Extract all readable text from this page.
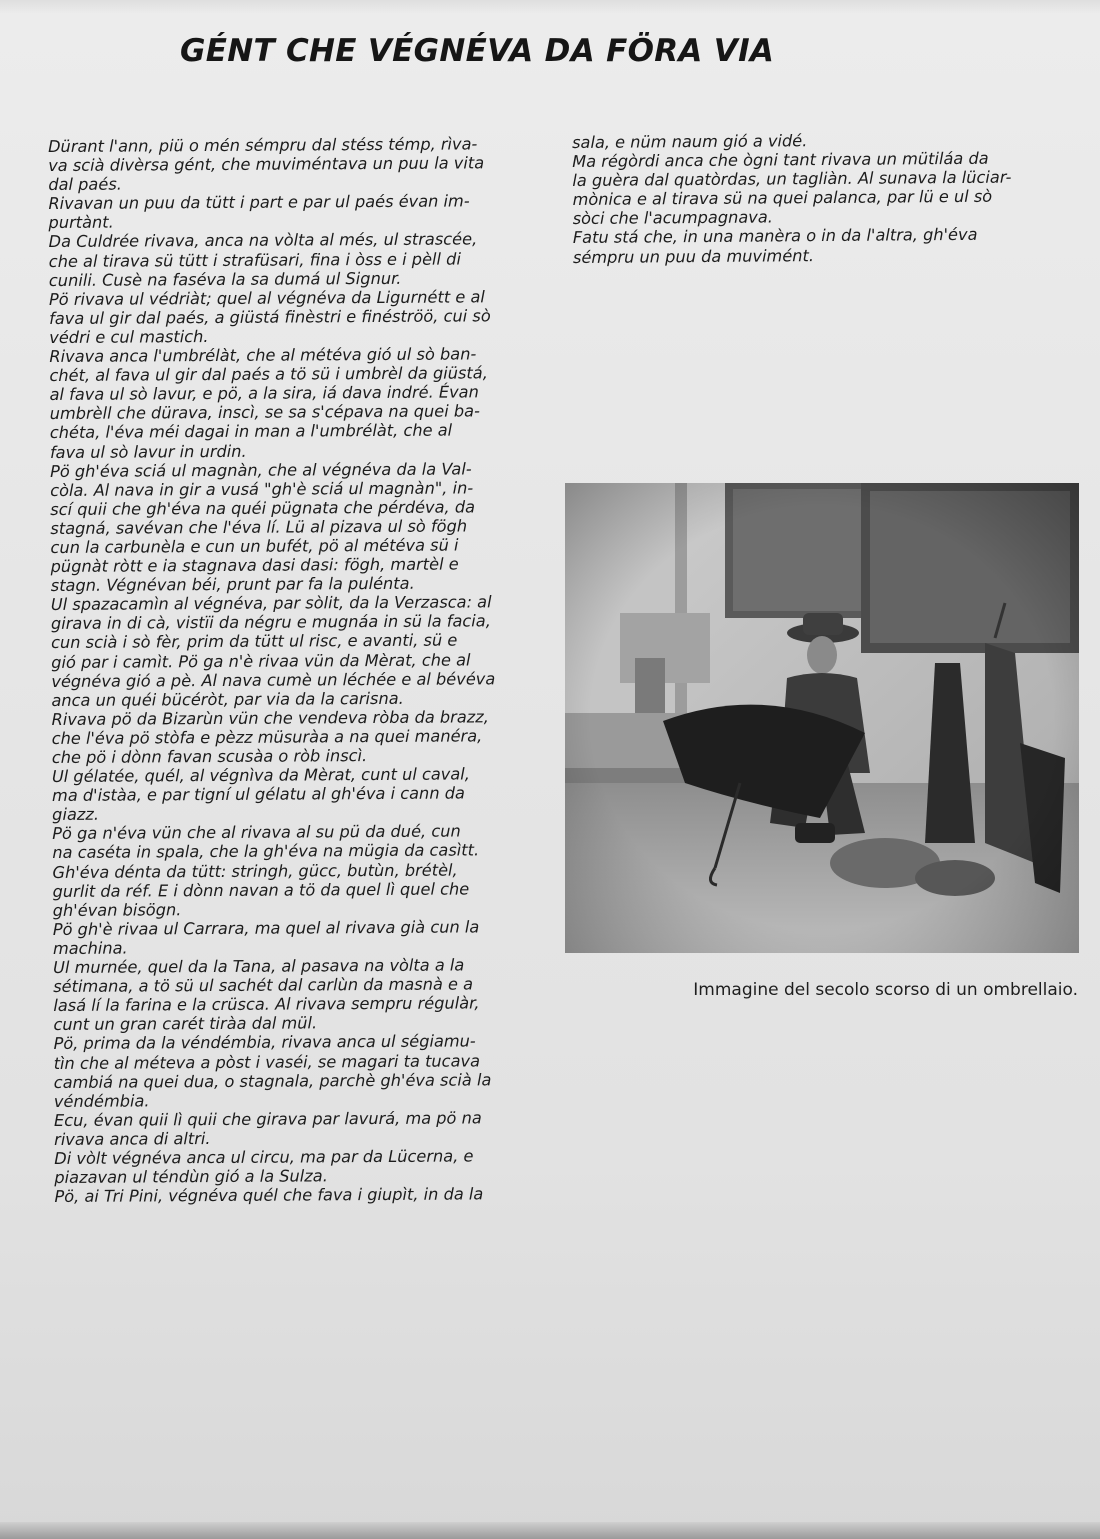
GÉNT CHE VÉGNÉVA DA FÖRA VIA
Dürant l'ann, piü o mén sémpru dal stéss témp, rìva-
va scià divèrsa gént, che muviméntava un puu la vita
dal paés.
Rivavan un puu da tütt i part e par ul paés évan im-
purtànt.
Da Culdrée rivava, anca na vòlta al més, ul strascée,
che al tirava sü tütt i strafüsari, fina i òss e i pèll di
cunili. Cusè na faséva la sa dumá ul Signur.
Pö rivava ul védriàt; quel al végnéva da Ligurnétt e al
fava ul gir dal paés, a giüstá finèstri e finéströö, cui sò
védri e cul mastich.
Rivava anca l'umbrélàt, che al météva gió ul sò ban-
chét, al fava ul gir dal paés a tö sü i umbrèl da giüstá,
al fava ul sò lavur, e pö, a la sira, iá dava indré. Évan
umbrèll che dürava, inscì, se sa s'cépava na quei ba-
chéta, l'éva méi dagai in man a l'umbrélàt, che al
fava ul sò lavur in urdin.
Pö gh'éva sciá ul magnàn, che al végnéva da la Val-
còla. Al nava in gir a vusá "gh'è sciá ul magnàn", in-
scí quii che gh'éva na quéi pügnata che pérdéva, da
stagná, savévan che l'éva lí. Lü al pizava ul sò fögh
cun la carbunèla e cun un bufét, pö al météva sü i
pügnàt ròtt e ia stagnava dasi dasi: fögh, martèl e
stagn. Végnévan béi, prunt par fa la pulénta.
Ul spazacamìn al végnéva, par sòlit, da la Verzasca: al
girava in di cà, vistïi da négru e mugnáa in sü la facia,
cun scià i sò fèr, prim da tütt ul risc, e avanti, sü e
gió par i camìt. Pö ga n'è rivaa vün da Mèrat, che al
végnéva gió a pè. Al nava cumè un léchée e al bévéva
anca un quéi bücéròt, par via da la carisna.
Rivava pö da Bizarùn vün che vendeva ròba da brazz,
che l'éva pö stòfa e pèzz müsuràa a na quei manéra,
che pö i dònn favan scusàa o ròb inscì.
Ul gélatée, quél, al végnìva da Mèrat, cunt ul caval,
ma d'istàa, e par tigní ul gélatu al gh'éva i cann da
giazz.
Pö ga n'éva vün che al rivava al su pü da dué, cun
na caséta in spala, che la gh'éva na mügia da casìtt.
Gh'éva dénta da tütt: stringh, gücc, butùn, brétèl,
gurlit da réf. E i dònn navan a tö da quel lì quel che
gh'évan bisögn.
Pö gh'è rivaa ul Carrara, ma quel al rivava già cun la
machina.
Ul murnée, quel da la Tana, al pasava na vòlta a la
sétimana, a tö sü ul sachét dal carlùn da masnà e a
lasá lí la farina e la crüsca. Al rivava sempru régulàr,
cunt un gran carét tiràa dal mül.
Pö, prima da la véndémbia, rivava anca ul ségiamu-
tìn che al méteva a pòst i vaséi, se magari ta tucava
cambiá na quei dua, o stagnala, parchè gh'éva scià la
véndémbia.
Ecu, évan quii lì quii che girava par lavurá, ma pö na
rivava anca di altri.
Di vòlt végnéva anca ul circu, ma par da Lücerna, e
piazavan ul téndùn gió a la Sulza.
Pö, ai Tri Pini, végnéva quél che fava i giupìt, in da la
sala, e nüm naum gió a vidé.
Ma régòrdi anca che ògni tant rivava un mütiláa da
la guèra dal quatòrdas, un tagliàn. Al sunava la lüciar-
mònica e al tirava sü na quei palanca, par lü e ul sò
sòci che l'acumpagnava.
Fatu stá che, in una manèra o in da l'altra, gh'éva
sémpru un puu da muvimént.
Immagine del secolo scorso di un ombrellaio.
